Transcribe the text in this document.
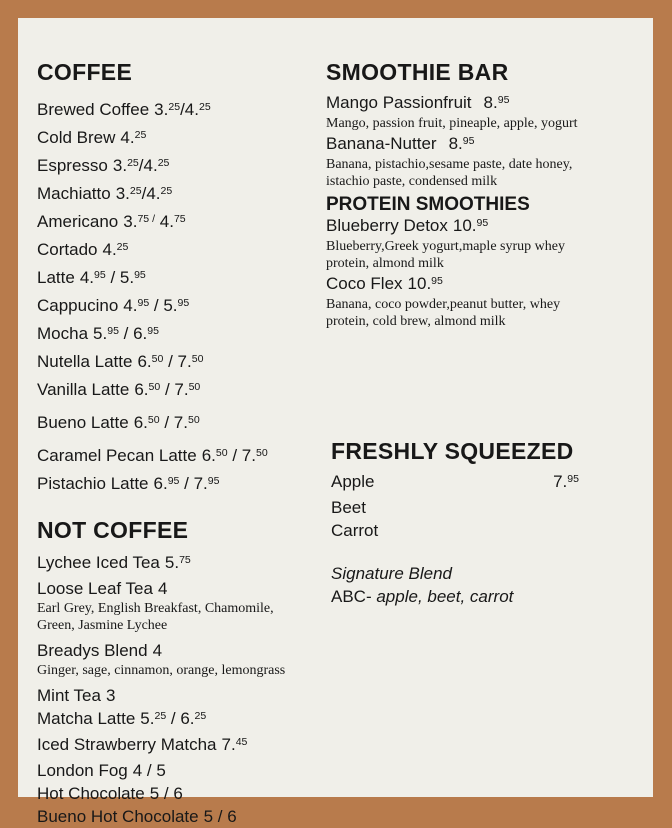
COFFEE
Brewed Coffee 3.25/4.25
Cold Brew 4.25
Espresso 3.25/4.25
Machiatto 3.25/4.25
Americano 3.$^{75 /}$ 4.75
Cortado 4.25
Latte 4.95 / 5.95
Cappucino 4.95 / 5.95
Mocha 5.95 / 6.95
Nutella Latte 6.50 / 7.50
Vanilla Latte 6.50 / 7.50
Bueno Latte 6.50 / 7.50
Caramel Pecan Latte 6.50 / 7.50
Pistachio Latte 6.95 / 7.95
NOT COFFEE
Lychee Iced Tea 5.75
Loose Leaf Tea 4
Earl Grey, English Breakfast, Chamomile,
Green, Jasmine Lychee
Breadys Blend 4
Ginger, sage, cinnamon, orange, lemongrass
Mint Tea 3
Matcha Latte 5.25 / 6.25
Iced Strawberry Matcha 7.45
London Fog 4 / 5
Hot Chocolate 5 / 6
Bueno Hot Chocolate 5 / 6
SMOOTHIE BAR
Mango Passionfruit 8.95
Mango, passion fruit, pineaple, apple, yogurt
Banana-Nutter 8.95
Banana, pistachio,sesame paste, date honey,
istachio paste, condensed milk
PROTEIN SMOOTHIES
Blueberry Detox 10.95
Blueberry,Greek yogurt,maple syrup whey
protein, almond milk
Coco Flex 10.95
Banana, coco powder,peanut butter, whey
protein, cold brew, almond milk
FRESHLY SQUEEZED
Apple	7.95
Beet
Carrot
Signature Blend
ABC- apple, beet, carrot
